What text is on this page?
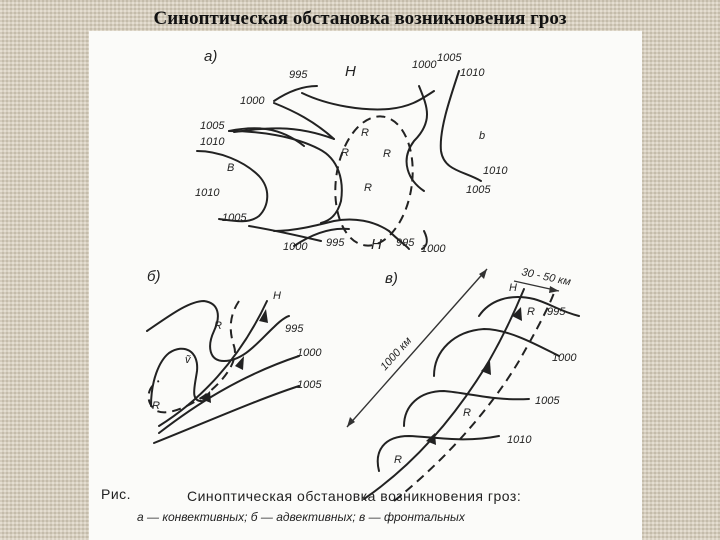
Синоптическая обстановка возникновения гроз
а)
995
1000
1005
1010
1000
1005
1010
1010
1005
1005
1010
1000 995	995 1000
Н
Н
В
b
R
R	R
R
б)
Н
R
R
ṽ
995
1000
1005
в)
1000 км
30 - 50 км
Н
R
R
R
995
1000
1005
1010
Рис.	Синоптическая обстановка возникновения гроз:
а — конвективных; б — адвективных; в — фронтальных
